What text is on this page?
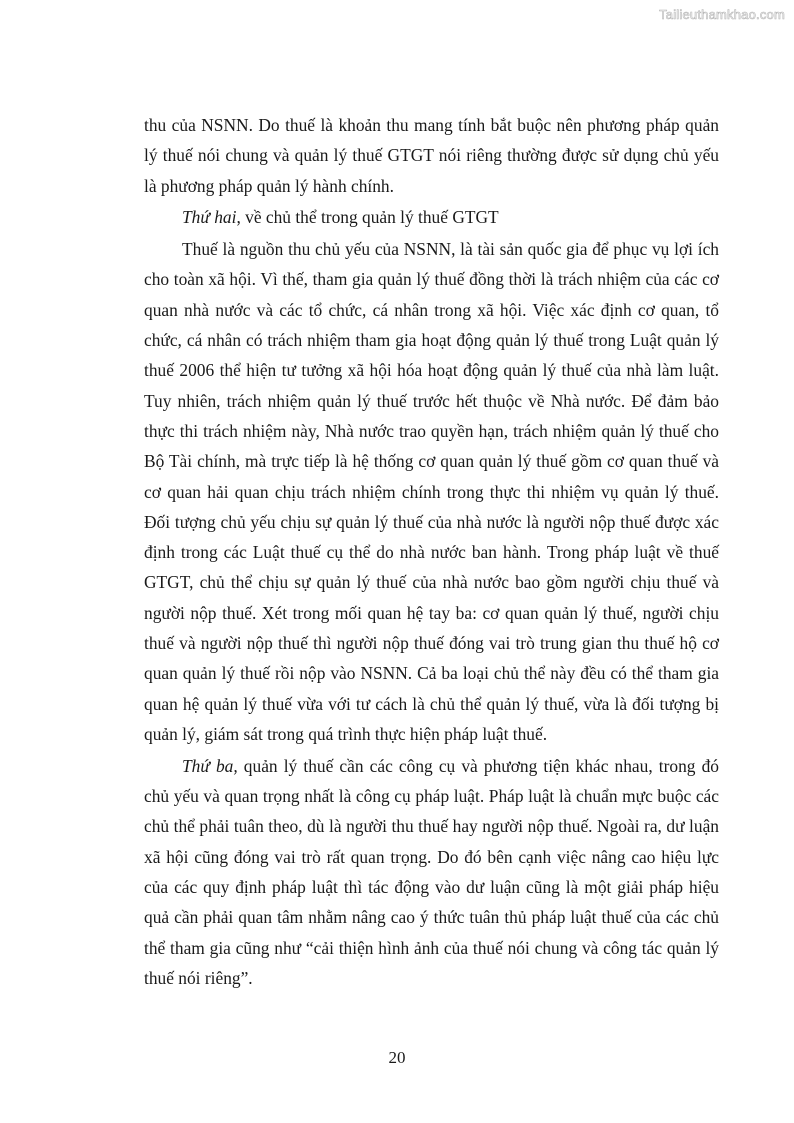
Tailieuthamkhao.com

thu của NSNN. Do thuế là khoản thu mang tính bắt buộc nên phương pháp quản lý thuế nói chung và quản lý thuế GTGT nói riêng thường được sử dụng chủ yếu là phương pháp quản lý hành chính.

Thứ hai, về chủ thể trong quản lý thuế GTGT

Thuế là nguồn thu chủ yếu của NSNN, là tài sản quốc gia để phục vụ lợi ích cho toàn xã hội. Vì thế, tham gia quản lý thuế đồng thời là trách nhiệm của các cơ quan nhà nước và các tổ chức, cá nhân trong xã hội. Việc xác định cơ quan, tổ chức, cá nhân có trách nhiệm tham gia hoạt động quản lý thuế trong Luật quản lý thuế 2006 thể hiện tư tưởng xã hội hóa hoạt động quản lý thuế của nhà làm luật. Tuy nhiên, trách nhiệm quản lý thuế trước hết thuộc về Nhà nước. Để đảm bảo thực thi trách nhiệm này, Nhà nước trao quyền hạn, trách nhiệm quản lý thuế cho Bộ Tài chính, mà trực tiếp là hệ thống cơ quan quản lý thuế gồm cơ quan thuế và cơ quan hải quan chịu trách nhiệm chính trong thực thi nhiệm vụ quản lý thuế. Đối tượng chủ yếu chịu sự quản lý thuế của nhà nước là người nộp thuế được xác định trong các Luật thuế cụ thể do nhà nước ban hành. Trong pháp luật về thuế GTGT, chủ thể chịu sự quản lý thuế của nhà nước bao gồm người chịu thuế và người nộp thuế. Xét trong mối quan hệ tay ba: cơ quan quản lý thuế, người chịu thuế và người nộp thuế thì người nộp thuế đóng vai trò trung gian thu thuế hộ cơ quan quản lý thuế rồi nộp vào NSNN. Cả ba loại chủ thể này đều có thể tham gia quan hệ quản lý thuế vừa với tư cách là chủ thể quản lý thuế, vừa là đối tượng bị quản lý, giám sát trong quá trình thực hiện pháp luật thuế.

Thứ ba, quản lý thuế cần các công cụ và phương tiện khác nhau, trong đó chủ yếu và quan trọng nhất là công cụ pháp luật. Pháp luật là chuẩn mực buộc các chủ thể phải tuân theo, dù là người thu thuế hay người nộp thuế. Ngoài ra, dư luận xã hội cũng đóng vai trò rất quan trọng. Do đó bên cạnh việc nâng cao hiệu lực của các quy định pháp luật thì tác động vào dư luận cũng là một giải pháp hiệu quả cần phải quan tâm nhằm nâng cao ý thức tuân thủ pháp luật thuế của các chủ thể tham gia cũng như “cải thiện hình ảnh của thuế nói chung và công tác quản lý thuế nói riêng”.

20
